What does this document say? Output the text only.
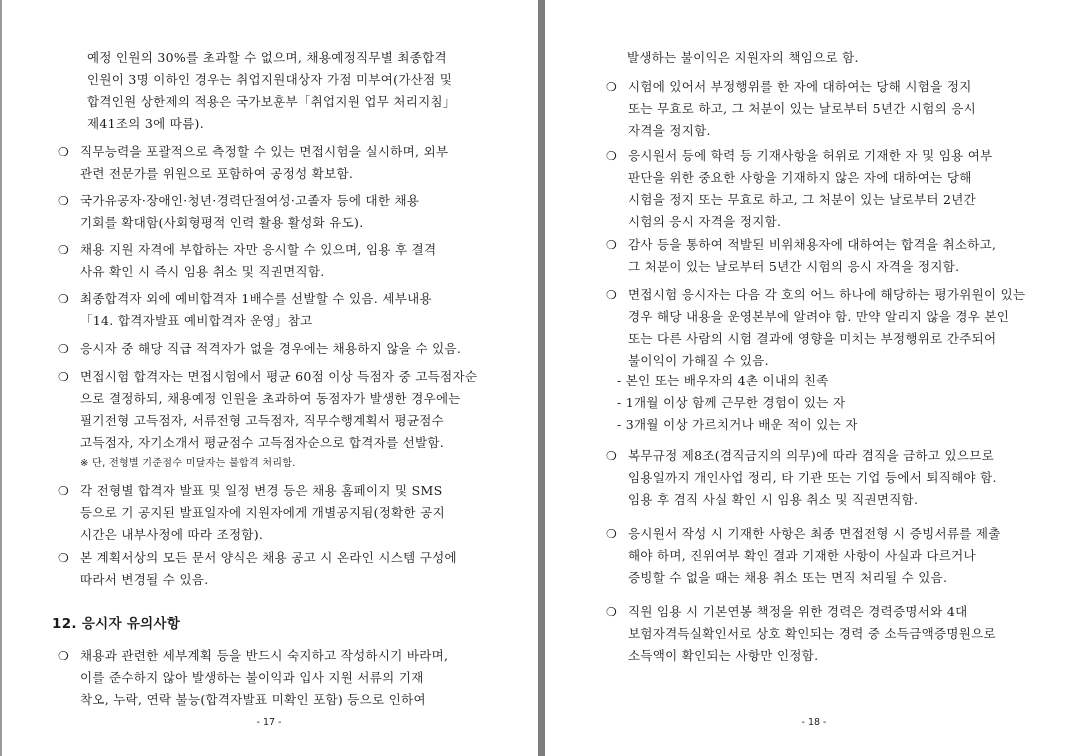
예정 인원의 30%를 초과할 수 없으며, 채용예정직무별 최종합격
인원이 3명 이하인 경우는 취업지원대상자 가점 미부여(가산점 및
합격인원 상한제의 적용은 국가보훈부「취업지원 업무 처리지침」
제41조의 3에 따름).
❍ 직무능력을 포괄적으로 측정할 수 있는 면접시험을 실시하며, 외부
관련 전문가를 위원으로 포함하여 공정성 확보함.
❍ 국가유공자·장애인·청년·경력단절여성·고졸자 등에 대한 채용
기회를 확대함(사회형평적 인력 활용 활성화 유도).
❍ 채용 지원 자격에 부합하는 자만 응시할 수 있으며, 임용 후 결격
사유 확인 시 즉시 임용 취소 및 직권면직함.
❍ 최종합격자 외에 예비합격자 1배수를 선발할 수 있음. 세부내용
「14. 합격자발표 예비합격자 운영」참고
❍ 응시자 중 해당 직급 적격자가 없을 경우에는 채용하지 않을 수 있음.
❍ 면접시험 합격자는 면접시험에서 평균 60점 이상 득점자 중 고득점자순
으로 결정하되, 채용예정 인원을 초과하여 동점자가 발생한 경우에는
필기전형 고득점자, 서류전형 고득점자, 직무수행계획서 평균점수
고득점자, 자기소개서 평균점수 고득점자순으로 합격자를 선발함.
※ 단, 전형별 기준점수 미달자는 불합격 처리함.
❍ 각 전형별 합격자 발표 및 일정 변경 등은 채용 홈페이지 및 SMS
등으로 기 공지된 발표일자에 지원자에게 개별공지됨(정확한 공지
시간은 내부사정에 따라 조정함).
❍ 본 계획서상의 모든 문서 양식은 채용 공고 시 온라인 시스템 구성에
따라서 변경될 수 있음.
12. 응시자 유의사항
❍ 채용과 관련한 세부계획 등을 반드시 숙지하고 작성하시기 바라며,
이를 준수하지 않아 발생하는 불이익과 입사 지원 서류의 기재
착오, 누락, 연락 불능(합격자발표 미확인 포함) 등으로 인하여
- 17 -
발생하는 불이익은 지원자의 책임으로 함.
❍ 시험에 있어서 부정행위를 한 자에 대하여는 당해 시험을 정지
또는 무효로 하고, 그 처분이 있는 날로부터 5년간 시험의 응시
자격을 정지함.
❍ 응시원서 등에 학력 등 기재사항을 허위로 기재한 자 및 임용 여부
판단을 위한 중요한 사항을 기재하지 않은 자에 대하여는 당해
시험을 정지 또는 무효로 하고, 그 처분이 있는 날로부터 2년간
시험의 응시 자격을 정지함.
❍ 감사 등을 통하여 적발된 비위채용자에 대하여는 합격을 취소하고,
그 처분이 있는 날로부터 5년간 시험의 응시 자격을 정지함.
❍ 면접시험 응시자는 다음 각 호의 어느 하나에 해당하는 평가위원이 있는
경우 해당 내용을 운영본부에 알려야 함. 만약 알리지 않을 경우 본인
또는 다른 사람의 시험 결과에 영향을 미치는 부정행위로 간주되어
불이익이 가해질 수 있음.
- 본인 또는 배우자의 4촌 이내의 친족
- 1개월 이상 함께 근무한 경험이 있는 자
- 3개월 이상 가르치거나 배운 적이 있는 자
❍ 복무규정 제8조(겸직금지의 의무)에 따라 겸직을 금하고 있으므로
임용일까지 개인사업 정리, 타 기관 또는 기업 등에서 퇴직해야 함.
임용 후 겸직 사실 확인 시 임용 취소 및 직권면직함.
❍ 응시원서 작성 시 기재한 사항은 최종 면접전형 시 증빙서류를 제출
해야 하며, 진위여부 확인 결과 기재한 사항이 사실과 다르거나
증빙할 수 없을 때는 채용 취소 또는 면직 처리될 수 있음.
❍ 직원 임용 시 기본연봉 책정을 위한 경력은 경력증명서와 4대
보험자격득실확인서로 상호 확인되는 경력 중 소득금액증명원으로
소득액이 확인되는 사항만 인정함.
- 18 -
